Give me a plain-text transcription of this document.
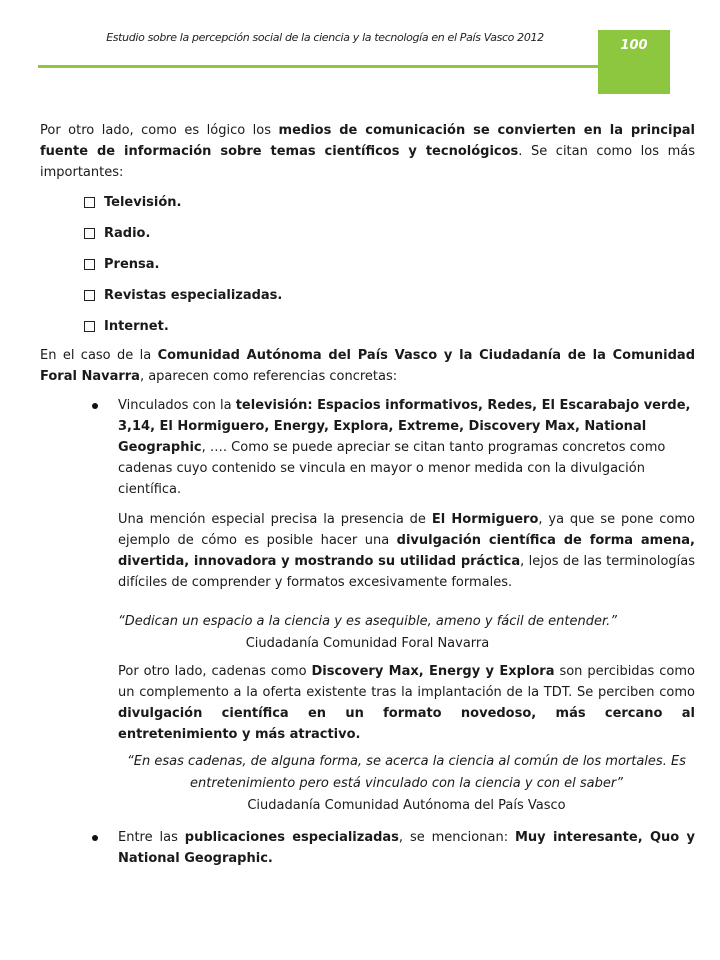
Estudio sobre la percepción social de la ciencia y la tecnología en el País Vasco 2012
100

Por otro lado, como es lógico los medios de comunicación se convierten en la principal fuente de información sobre temas científicos y tecnológicos. Se citan como los más importantes:

Televisión.
Radio.
Prensa.
Revistas especializadas.
Internet.

En el caso de la Comunidad Autónoma del País Vasco y la Ciudadanía de la Comunidad Foral Navarra, aparecen como referencias concretas:

Vinculados con la televisión: Espacios informativos, Redes, El Escarabajo verde, 3,14, El Hormiguero, Energy, Explora, Extreme, Discovery Max, National Geographic, …. Como se puede apreciar se citan tanto programas concretos como cadenas cuyo contenido se vincula en mayor o menor medida con la divulgación científica.

Una mención especial precisa la presencia de El Hormiguero, ya que se pone como ejemplo de cómo es posible hacer una divulgación científica de forma amena, divertida, innovadora y mostrando su utilidad práctica, lejos de las terminologías difíciles de comprender y formatos excesivamente formales.

“Dedican un espacio a la ciencia y es asequible, ameno y fácil de entender.”
Ciudadanía Comunidad Foral Navarra

Por otro lado, cadenas como Discovery Max, Energy y Explora son percibidas como un complemento a la oferta existente tras la implantación de la TDT. Se perciben como divulgación científica en un formato novedoso, más cercano al entretenimiento y más atractivo.

“En esas cadenas, de alguna forma, se acerca la ciencia al común de los mortales. Es entretenimiento pero está vinculado con la ciencia y con el saber”
Ciudadanía Comunidad Autónoma del País Vasco

Entre las publicaciones especializadas, se mencionan: Muy interesante, Quo y National Geographic.
